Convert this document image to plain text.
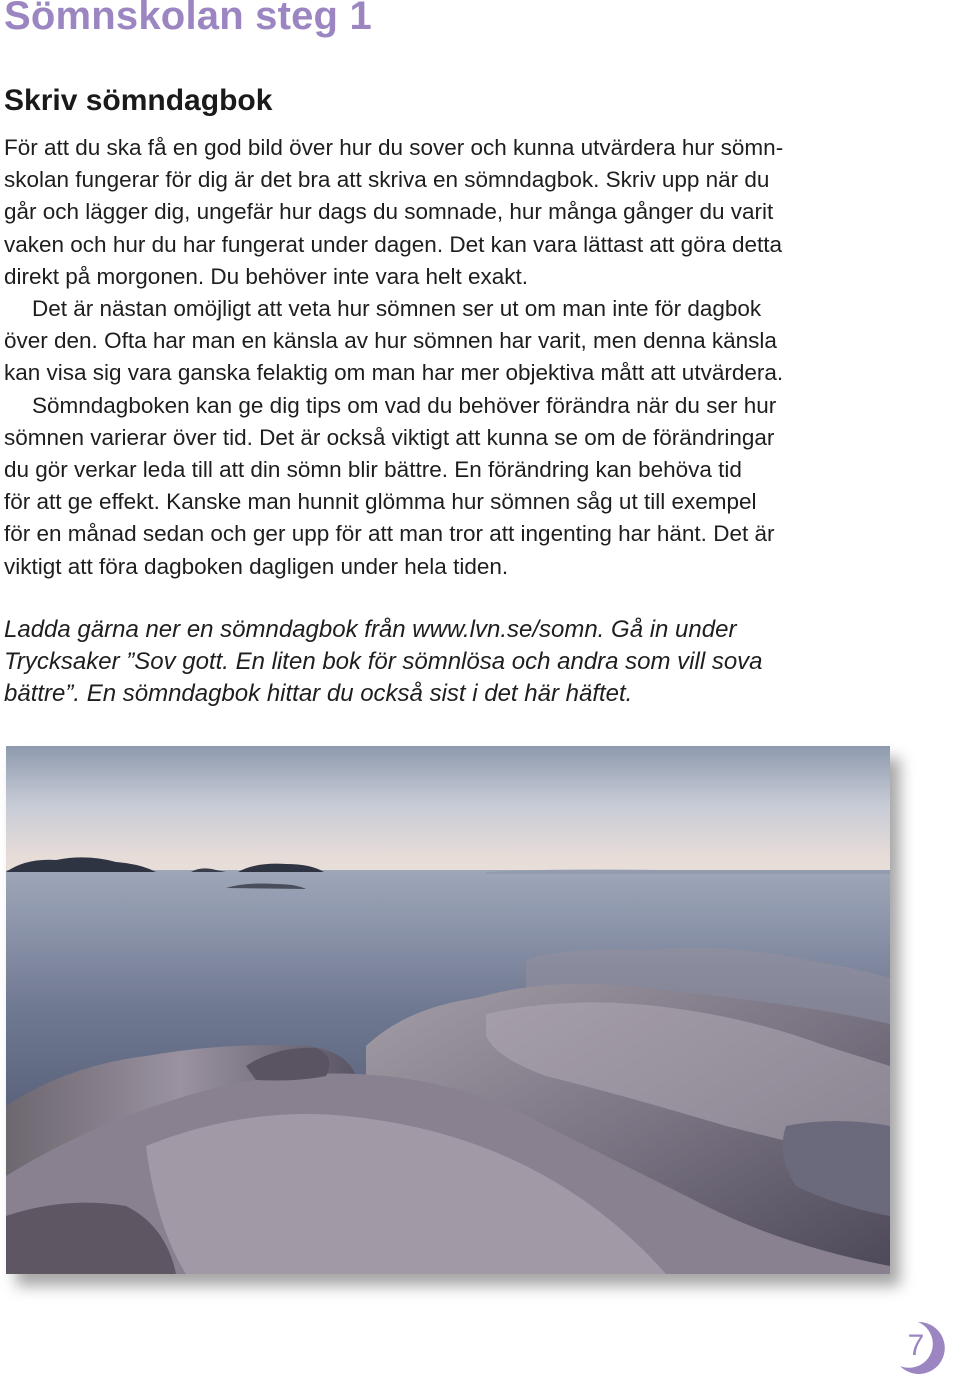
Sömnskolan steg 1
Skriv sömndagbok
För att du ska få en god bild över hur du sover och kunna utvärdera hur sömn-
skolan fungerar för dig är det bra att skriva en sömndagbok. Skriv upp när du
går och lägger dig, ungefär hur dags du somnade, hur många gånger du varit
vaken och hur du har fungerat under dagen. Det kan vara lättast att göra detta
direkt på morgonen. Du behöver inte vara helt exakt.
Det är nästan omöjligt att veta hur sömnen ser ut om man inte för dagbok
över den. Ofta har man en känsla av hur sömnen har varit, men denna känsla
kan visa sig vara ganska felaktig om man har mer objektiva mått att utvärdera.
Sömndagboken kan ge dig tips om vad du behöver förändra när du ser hur
sömnen varierar över tid. Det är också viktigt att kunna se om de förändringar
du gör verkar leda till att din sömn blir bättre. En förändring kan behöva tid
för att ge effekt. Kanske man hunnit glömma hur sömnen såg ut till exempel
för en månad sedan och ger upp för att man tror att ingenting har hänt. Det är
viktigt att föra dagboken dagligen under hela tiden.
Ladda gärna ner en sömndagbok från www.lvn.se/somn. Gå in under
Trycksaker ”Sov gott. En liten bok för sömnlösa och andra som vill sova
bättre”. En sömndagbok hittar du också sist i det här häftet.
7
